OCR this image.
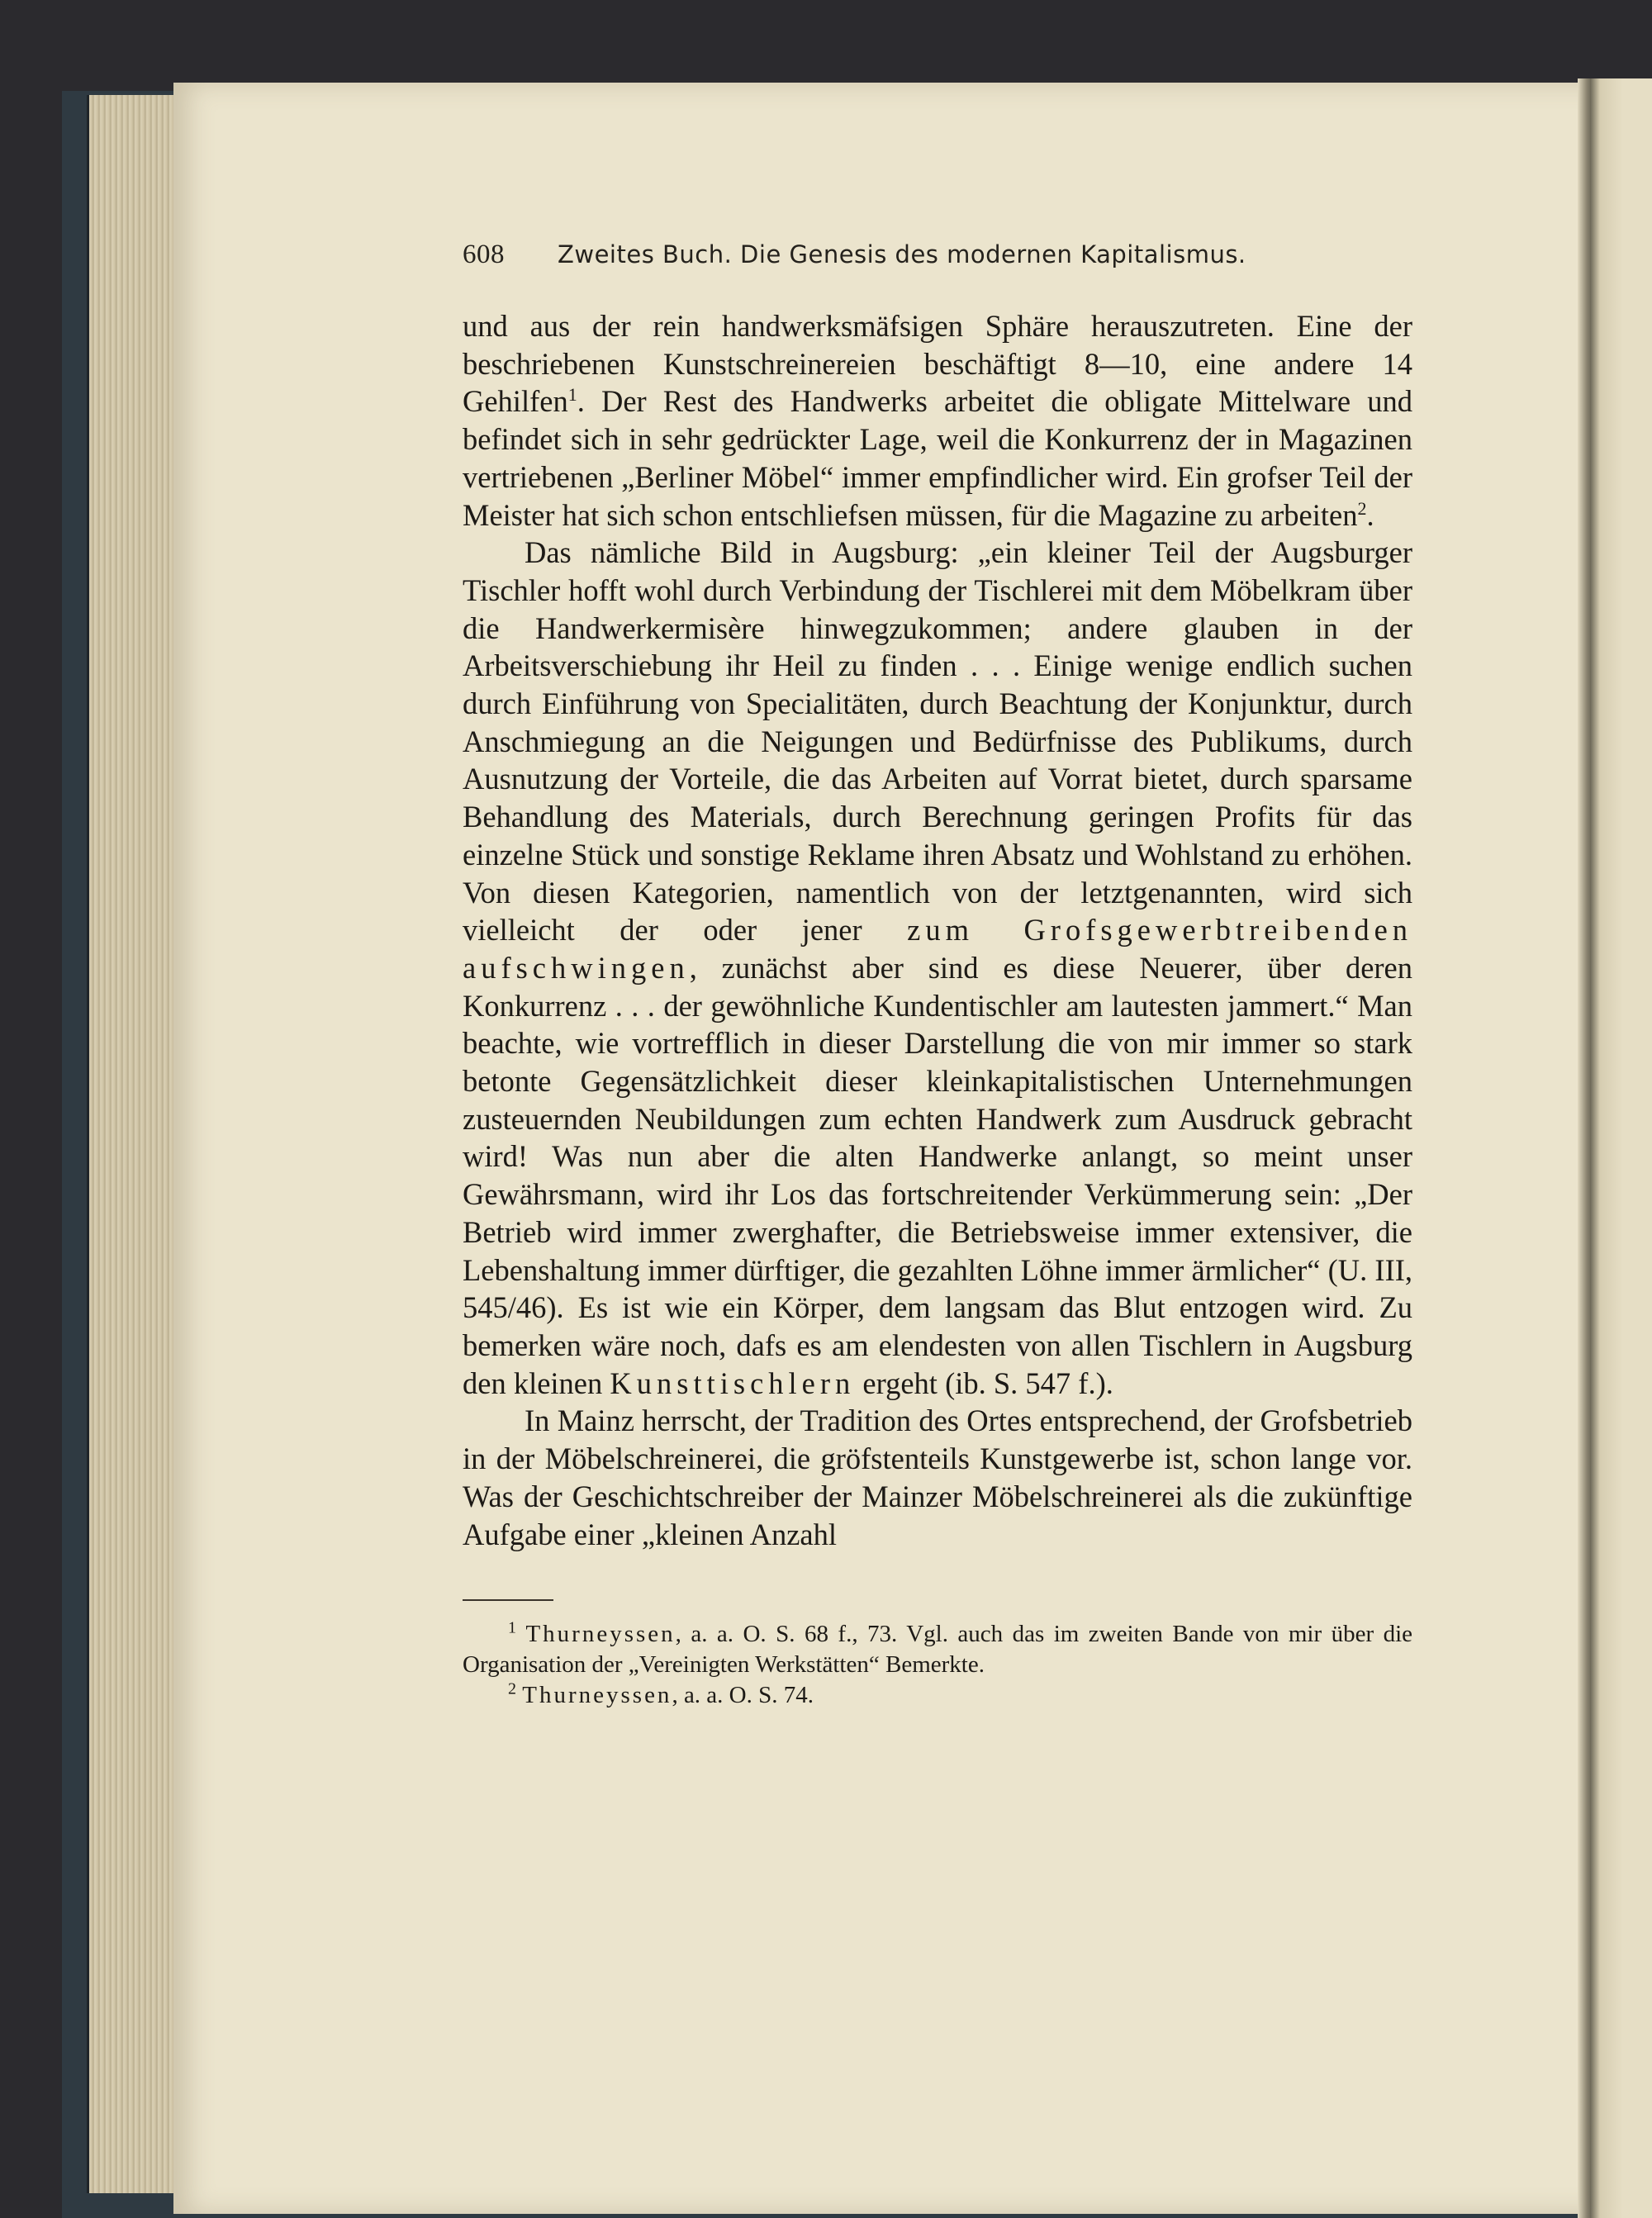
608	Zweites Buch. Die Genesis des modernen Kapitalismus.

und aus der rein handwerksmäfsigen Sphäre herauszutreten. Eine der beschriebenen Kunstschreinereien beschäftigt 8—10, eine andere 14 Gehilfen$^1$. Der Rest des Handwerks arbeitet die obligate Mittelware und befindet sich in sehr gedrückter Lage, weil die Konkurrenz der in Magazinen vertriebenen „Berliner Möbel“ immer empfindlicher wird. Ein grofser Teil der Meister hat sich schon entschliefsen müssen, für die Magazine zu arbeiten$^2$.

Das nämliche Bild in Augsburg: „ein kleiner Teil der Augsburger Tischler hofft wohl durch Verbindung der Tischlerei mit dem Möbelkram über die Handwerkermisère hinwegzukommen; andere glauben in der Arbeitsverschiebung ihr Heil zu finden . . . Einige wenige endlich suchen durch Einführung von Specialitäten, durch Beachtung der Konjunktur, durch Anschmiegung an die Neigungen und Bedürfnisse des Publikums, durch Ausnutzung der Vorteile, die das Arbeiten auf Vorrat bietet, durch sparsame Behandlung des Materials, durch Berechnung geringen Profits für das einzelne Stück und sonstige Reklame ihren Absatz und Wohlstand zu erhöhen. Von diesen Kategorien, namentlich von der letztgenannten, wird sich vielleicht der oder jener zum Grofsgewerbtreibenden aufschwingen, zunächst aber sind es diese Neuerer, über deren Konkurrenz . . . der gewöhnliche Kundentischler am lautesten jammert.“ Man beachte, wie vortrefflich in dieser Darstellung die von mir immer so stark betonte Gegensätzlichkeit dieser kleinkapitalistischen Unternehmungen zusteuernden Neubildungen zum echten Handwerk zum Ausdruck gebracht wird! Was nun aber die alten Handwerke anlangt, so meint unser Gewährsmann, wird ihr Los das fortschreitender Verkümmerung sein: „Der Betrieb wird immer zwerghafter, die Betriebsweise immer extensiver, die Lebenshaltung immer dürftiger, die gezahlten Löhne immer ärmlicher“ (U. III, 545/46). Es ist wie ein Körper, dem langsam das Blut entzogen wird. Zu bemerken wäre noch, dafs es am elendesten von allen Tischlern in Augsburg den kleinen Kunsttischlern ergeht (ib. S. 547 f.).

In Mainz herrscht, der Tradition des Ortes entsprechend, der Grofsbetrieb in der Möbelschreinerei, die gröfstenteils Kunstgewerbe ist, schon lange vor. Was der Geschichtschreiber der Mainzer Möbelschreinerei als die zukünftige Aufgabe einer „kleinen Anzahl

$^1$ Thurneyssen, a. a. O. S. 68 f., 73. Vgl. auch das im zweiten Bande von mir über die Organisation der „Vereinigten Werkstätten“ Bemerkte.

$^2$ Thurneyssen, a. a. O. S. 74.
